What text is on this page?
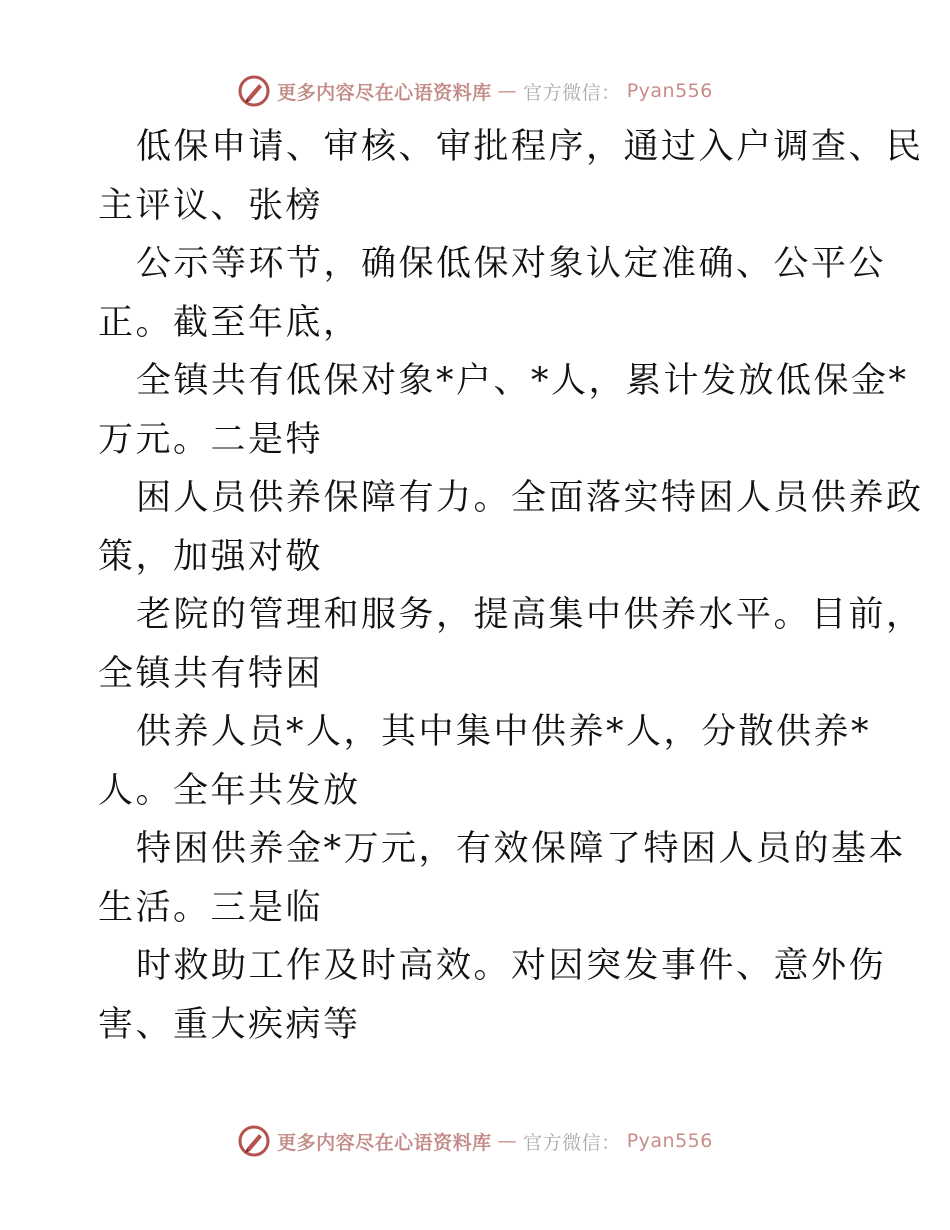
更多内容尽在心语资料库 — 官方微信： Pyan556
低保申请、审核、审批程序，通过入户调查、民
主评议、张榜
公示等环节，确保低保对象认定准确、公平公
正。截至年底，
全镇共有低保对象*户、*人，累计发放低保金*
万元。二是特
困人员供养保障有力。全面落实特困人员供养政
策，加强对敬
老院的管理和服务，提高集中供养水平。目前，
全镇共有特困
供养人员*人，其中集中供养*人，分散供养*
人。全年共发放
特困供养金*万元，有效保障了特困人员的基本
生活。三是临
时救助工作及时高效。对因突发事件、意外伤
害、重大疾病等
更多内容尽在心语资料库 — 官方微信： Pyan556
